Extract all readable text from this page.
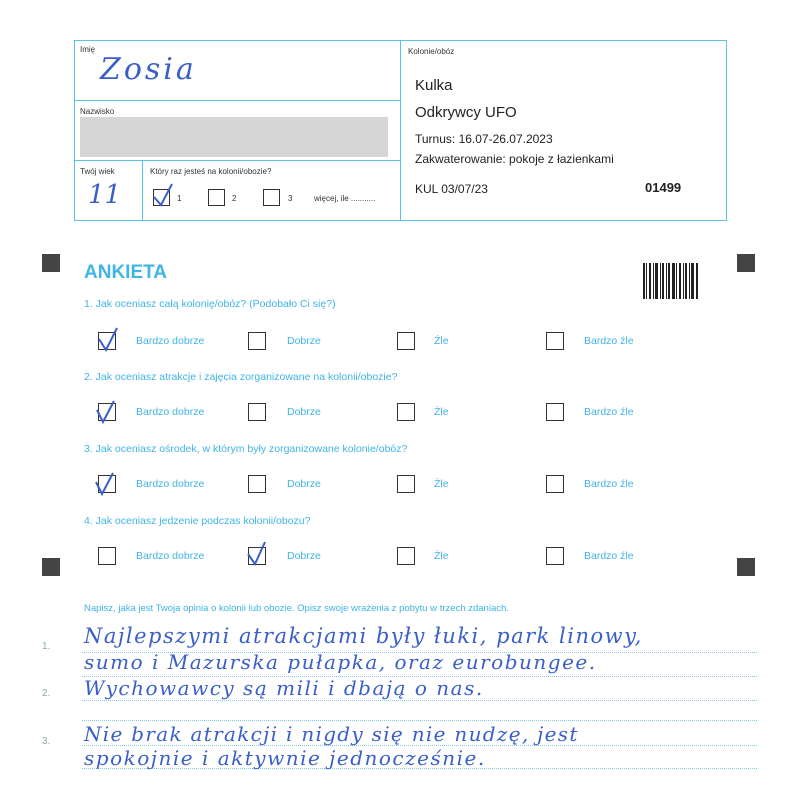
Imię
Zosia
Nazwisko
Twój wiek
11
Który raz jesteś na kolonii/obozie?
1	2	3	więcej, ile ...........
Kolonie/obóz
Kulka
Odkrywcy UFO
Turnus: 16.07-26.07.2023
Zakwaterowanie: pokoje z łazienkami
KUL 03/07/23	01499
ANKIETA
1. Jak oceniasz całą kolonię/obóz? (Podobało Ci się?)
Bardzo dobrze	Dobrze	Źle	Bardzo źle
2. Jak oceniasz atrakcje i zajęcia zorganizowane na kolonii/obozie?
Bardzo dobrze	Dobrze	Źle	Bardzo źle
3. Jak oceniasz ośrodek, w którym były zorganizowane kolonie/obóz?
Bardzo dobrze	Dobrze	Źle	Bardzo źle
4. Jak oceniasz jedzenie podczas kolonii/obozu?
Bardzo dobrze	Dobrze	Źle	Bardzo źle
Napisz, jaka jest Twoja opinia o kolonii lub obozie. Opisz swoje wrażenia z pobytu w trzech zdaniach.
1.
2.
3.
Najlepszymi atrakcjami były łuki, park linowy,
sumo i Mazurska pułapka, oraz eurobungee.
Wychowawcy są mili i dbają o nas.
Nie brak atrakcji i nigdy się nie nudzę, jest
spokojnie i aktywnie jednocześnie.
